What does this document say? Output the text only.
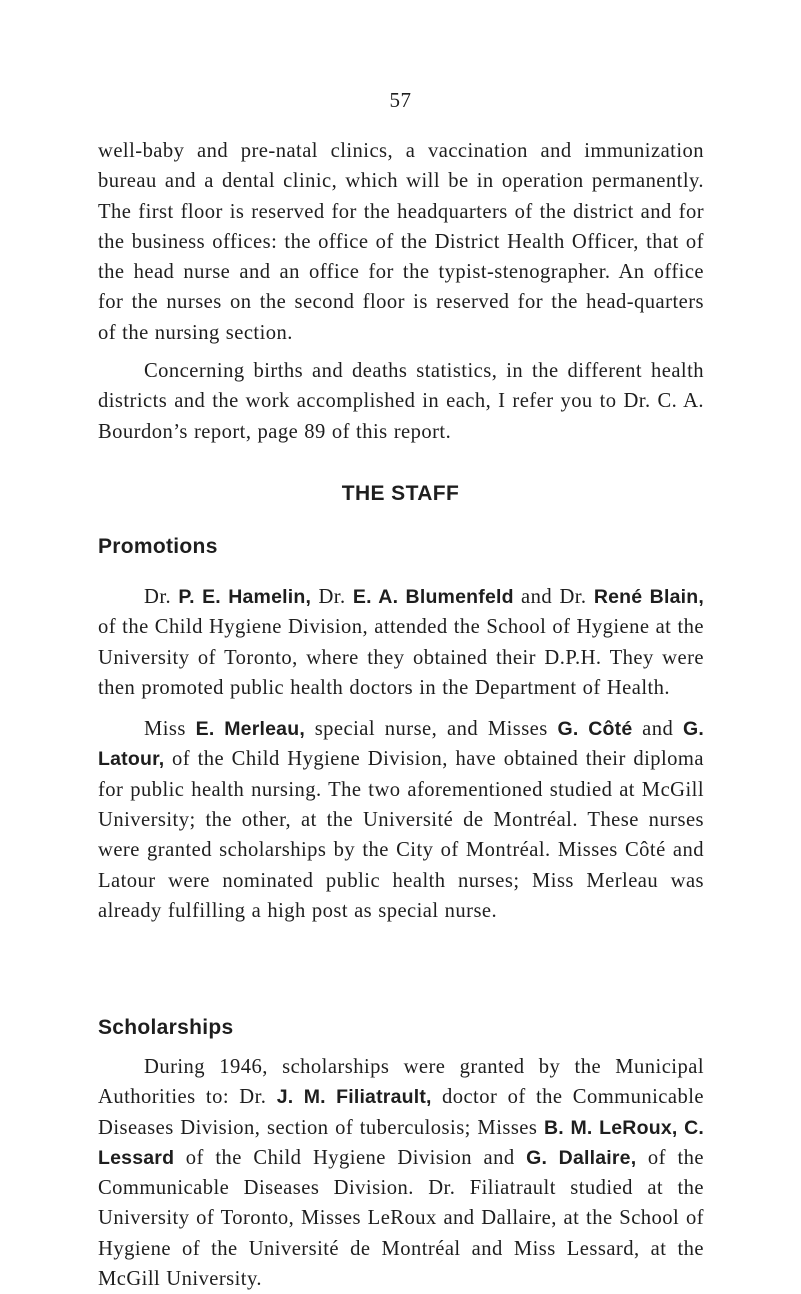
57

well-baby and pre-natal clinics, a vaccination and immunization bureau and a dental clinic, which will be in operation permanently. The first floor is reserved for the headquarters of the district and for the business offices: the office of the District Health Officer, that of the head nurse and an office for the typist-stenographer. An office for the nurses on the second floor is reserved for the head-quarters of the nursing section.

Concerning births and deaths statistics, in the different health districts and the work accomplished in each, I refer you to Dr. C. A. Bourdon’s report, page 89 of this report.

THE STAFF
Promotions

Dr. P. E. Hamelin, Dr. E. A. Blumenfeld and Dr. René Blain, of the Child Hygiene Division, attended the School of Hygiene at the University of Toronto, where they obtained their D.P.H. They were then promoted public health doctors in the Department of Health.

Miss E. Merleau, special nurse, and Misses G. Côté and G. Latour, of the Child Hygiene Division, have obtained their diploma for public health nursing. The two aforementioned studied at McGill University; the other, at the Université de Montréal. These nurses were granted scholarships by the City of Montréal. Misses Côté and Latour were nominated public health nurses; Miss Merleau was already fulfilling a high post as special nurse.

Scholarships

During 1946, scholarships were granted by the Municipal Authorities to: Dr. J. M. Filiatrault, doctor of the Communicable Diseases Division, section of tuberculosis; Misses B. M. LeRoux, C. Lessard of the Child Hygiene Division and G. Dallaire, of the Communicable Diseases Division. Dr. Filiatrault studied at the University of Toronto, Misses LeRoux and Dallaire, at the School of Hygiene of the Université de Montréal and Miss Lessard, at the McGill University.
